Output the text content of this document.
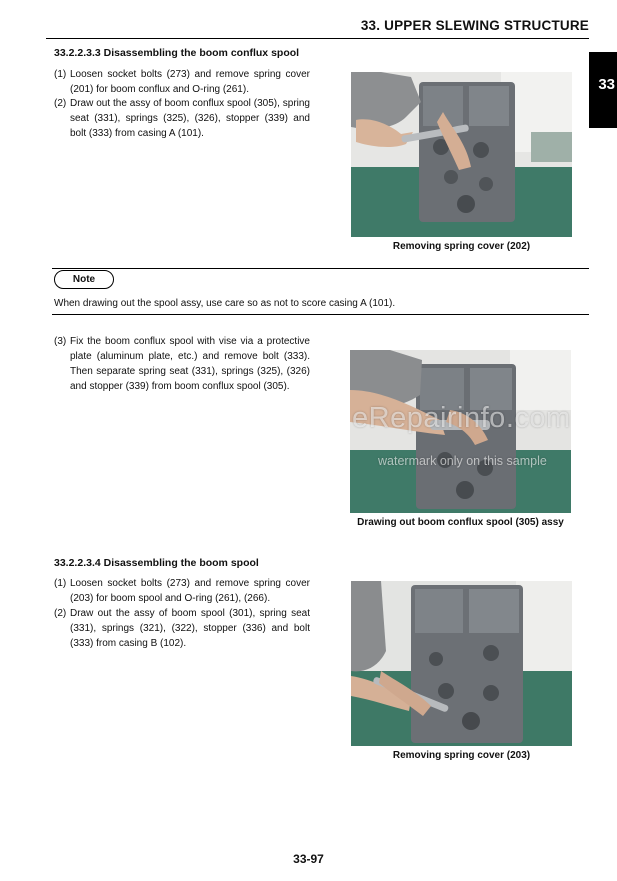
33. UPPER SLEWING STRUCTURE
33
33.2.2.3.3 Disassembling the boom conflux spool
(1) Loosen socket bolts (273) and remove spring cover (201) for boom conflux and O-ring (261).
(2) Draw out the assy of boom conflux spool (305), spring seat (331), springs (325), (326), stopper (339) and bolt (333) from casing A (101).
Removing spring cover (202)
Note
When drawing out the spool assy, use care so as not to score casing A (101).
(3) Fix the boom conflux spool with vise via a protective plate (aluminum plate, etc.) and remove bolt (333). Then separate spring seat (331), springs (325), (326) and stopper (339) from boom conflux spool (305).
eRepairinfo.com
watermark only on this sample
Drawing out boom conflux spool (305) assy
33.2.2.3.4 Disassembling the boom spool
(1) Loosen socket bolts (273) and remove spring cover (203) for boom spool and O-ring (261), (266).
(2) Draw out the assy of boom spool (301), spring seat (331), springs (321), (322), stopper (336) and bolt (333) from casing B (102).
Removing spring cover (203)
33-97
